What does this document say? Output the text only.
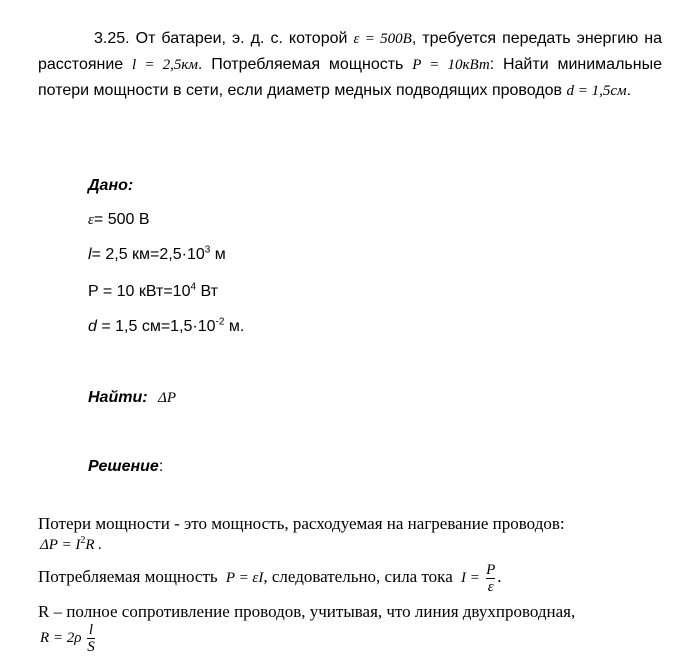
3.25. От батареи, э. д. с. которой ε = 500B, требуется передать энергию на расстояние l = 2,5км. Потребляемая мощность P = 10кВт: Найти минимальные потери мощности в сети, если диаметр медных подводящих проводов d = 1,5см.
Дано:
ε= 500 В
l= 2,5 $км=2,5\cdot 10^3$ м
P = 10 $кВт=10^4$ Вт
d = 1,5 $см=1,5\cdot 10^{-2}$ м.
Найти: ΔP
Решение:
Потери мощности - это мощность, расходуемая на нагревание проводов:
$\Delta P = I^2R$ .
Потребляемая мощность P = εI, следовательно, сила тока $I = \frac{P}{\varepsilon}$ .
R – полное сопротивление проводов, учитывая, что линия двухпроводная,
$R = 2\rho \frac{l}{S}$
